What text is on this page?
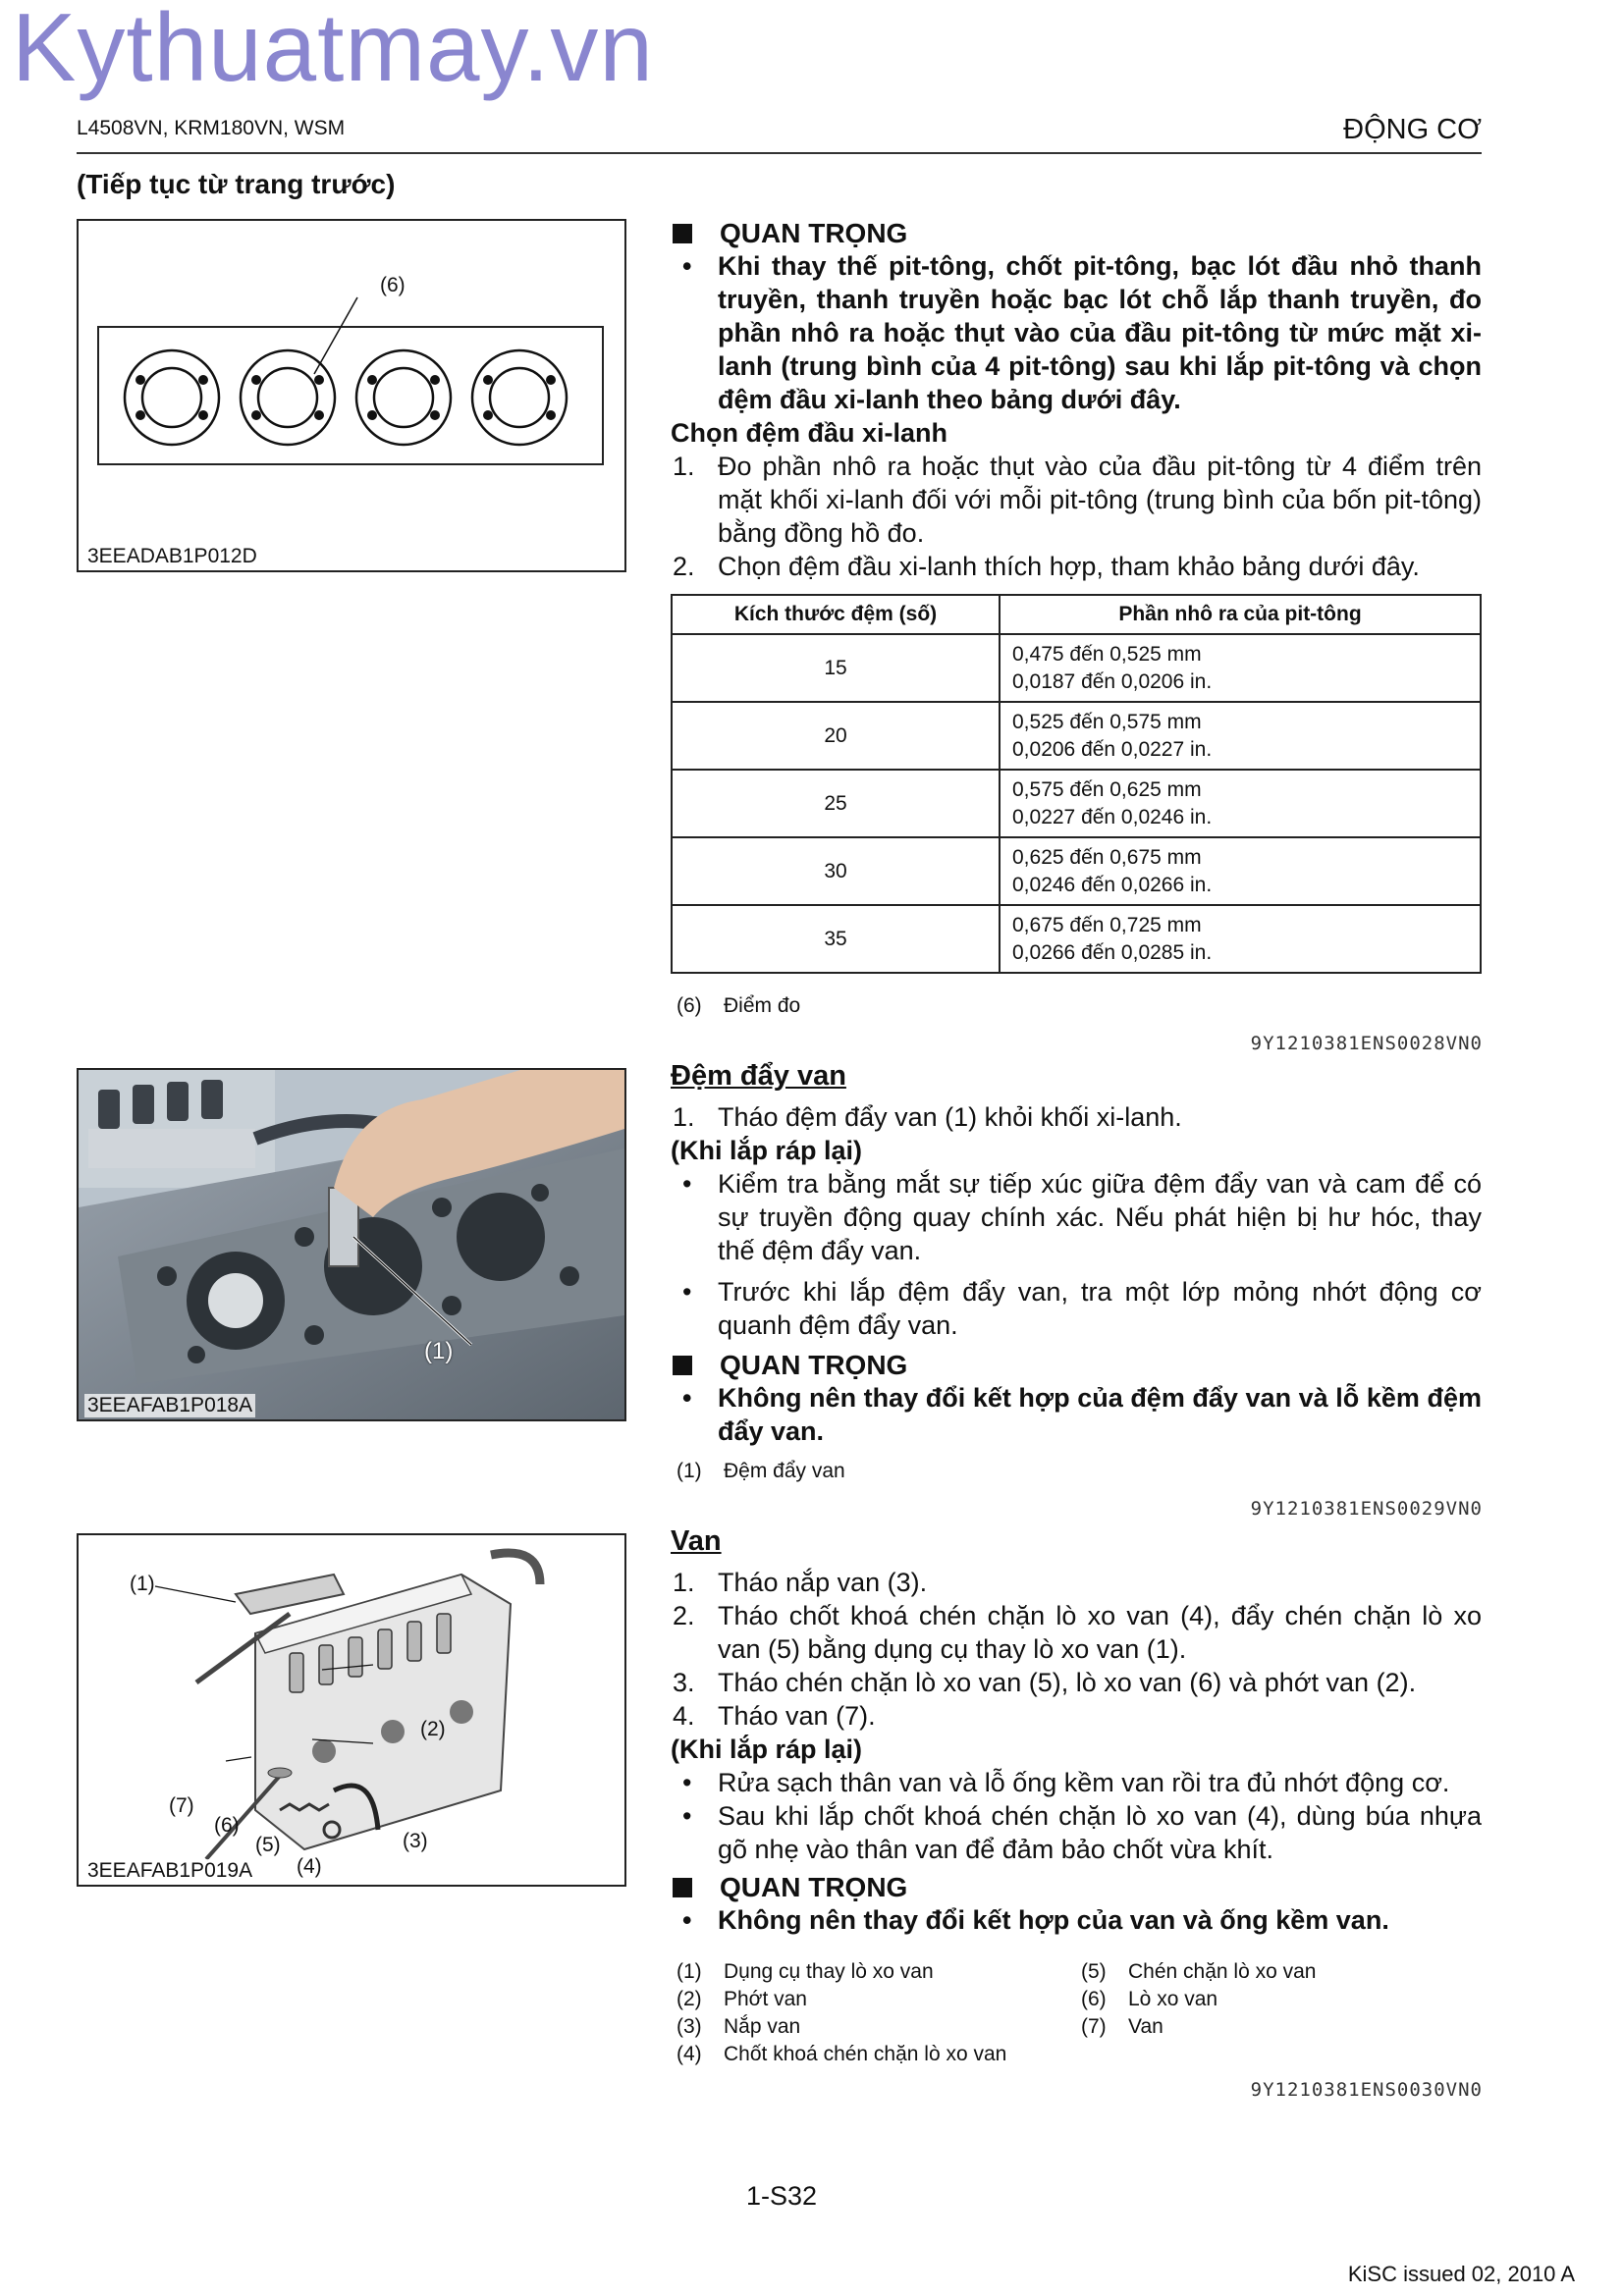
Kythuatmay.vn
L4508VN, KRM180VN, WSM	ĐỘNG CƠ
(Tiếp tục từ trang trước)
(6)
3EEADAB1P012D
(1)
3EEAFAB1P018A
(1)
(2)
(3)
(4)
(5)
(6)
(7)
3EEAFAB1P019A
QUAN TRỌNG
• Khi thay thế pit-tông, chốt pit-tông, bạc lót đầu nhỏ thanh truyền, thanh truyền hoặc bạc lót chỗ lắp thanh truyền, đo phần nhô ra hoặc thụt vào của đầu pit-tông từ mức mặt xi-lanh (trung bình của 4 pit-tông) sau khi lắp pit-tông và chọn đệm đầu xi-lanh theo bảng dưới đây.
Chọn đệm đầu xi-lanh
1. Đo phần nhô ra hoặc thụt vào của đầu pit-tông từ 4 điểm trên mặt khối xi-lanh đối với mỗi pit-tông (trung bình của bốn pit-tông) bằng đồng hồ đo.
2. Chọn đệm đầu xi-lanh thích hợp, tham khảo bảng dưới đây.
Kích thước đệm (số)	Phần nhô ra của pit-tông
15	0,475 đến 0,525 mm
0,0187 đến 0,0206 in.

20	0,525 đến 0,575 mm
0,0206 đến 0,0227 in.

25	0,575 đến 0,625 mm
0,0227 đến 0,0246 in.

30	0,625 đến 0,675 mm
0,0246 đến 0,0266 in.

35	0,675 đến 0,725 mm
0,0266 đến 0,0285 in.
(6) Điểm đo
9Y1210381ENS0028VN0
Đệm đẩy van
1. Tháo đệm đẩy van (1) khỏi khối xi-lanh.
(Khi lắp ráp lại)
• Kiểm tra bằng mắt sự tiếp xúc giữa đệm đẩy van và cam để có sự truyền động quay chính xác. Nếu phát hiện bị hư hóc, thay thế đệm đẩy van.
• Trước khi lắp đệm đẩy van, tra một lớp mỏng nhớt động cơ quanh đệm đẩy van.
QUAN TRỌNG
• Không nên thay đổi kết hợp của đệm đẩy van và lỗ kềm đệm đẩy van.
(1) Đệm đẩy van
9Y1210381ENS0029VN0
Van
1. Tháo nắp van (3).
2. Tháo chốt khoá chén chặn lò xo van (4), đẩy chén chặn lò xo van (5) bằng dụng cụ thay lò xo van (1).
3. Tháo chén chặn lò xo van (5), lò xo van (6) và phớt van (2).
4. Tháo van (7).
(Khi lắp ráp lại)
• Rửa sạch thân van và lỗ ống kềm van rồi tra đủ nhớt động cơ.
• Sau khi lắp chốt khoá chén chặn lò xo van (4), dùng búa nhựa gõ nhẹ vào thân van để đảm bảo chốt vừa khít.
QUAN TRỌNG
• Không nên thay đổi kết hợp của van và ống kềm van.
(1) Dụng cụ thay lò xo van
(2) Phớt van
(3) Nắp van
(4) Chốt khoá chén chặn lò xo van
(5) Chén chặn lò xo van
(6) Lò xo van
(7) Van
9Y1210381ENS0030VN0
1-S32
KiSC issued 02, 2010 A
